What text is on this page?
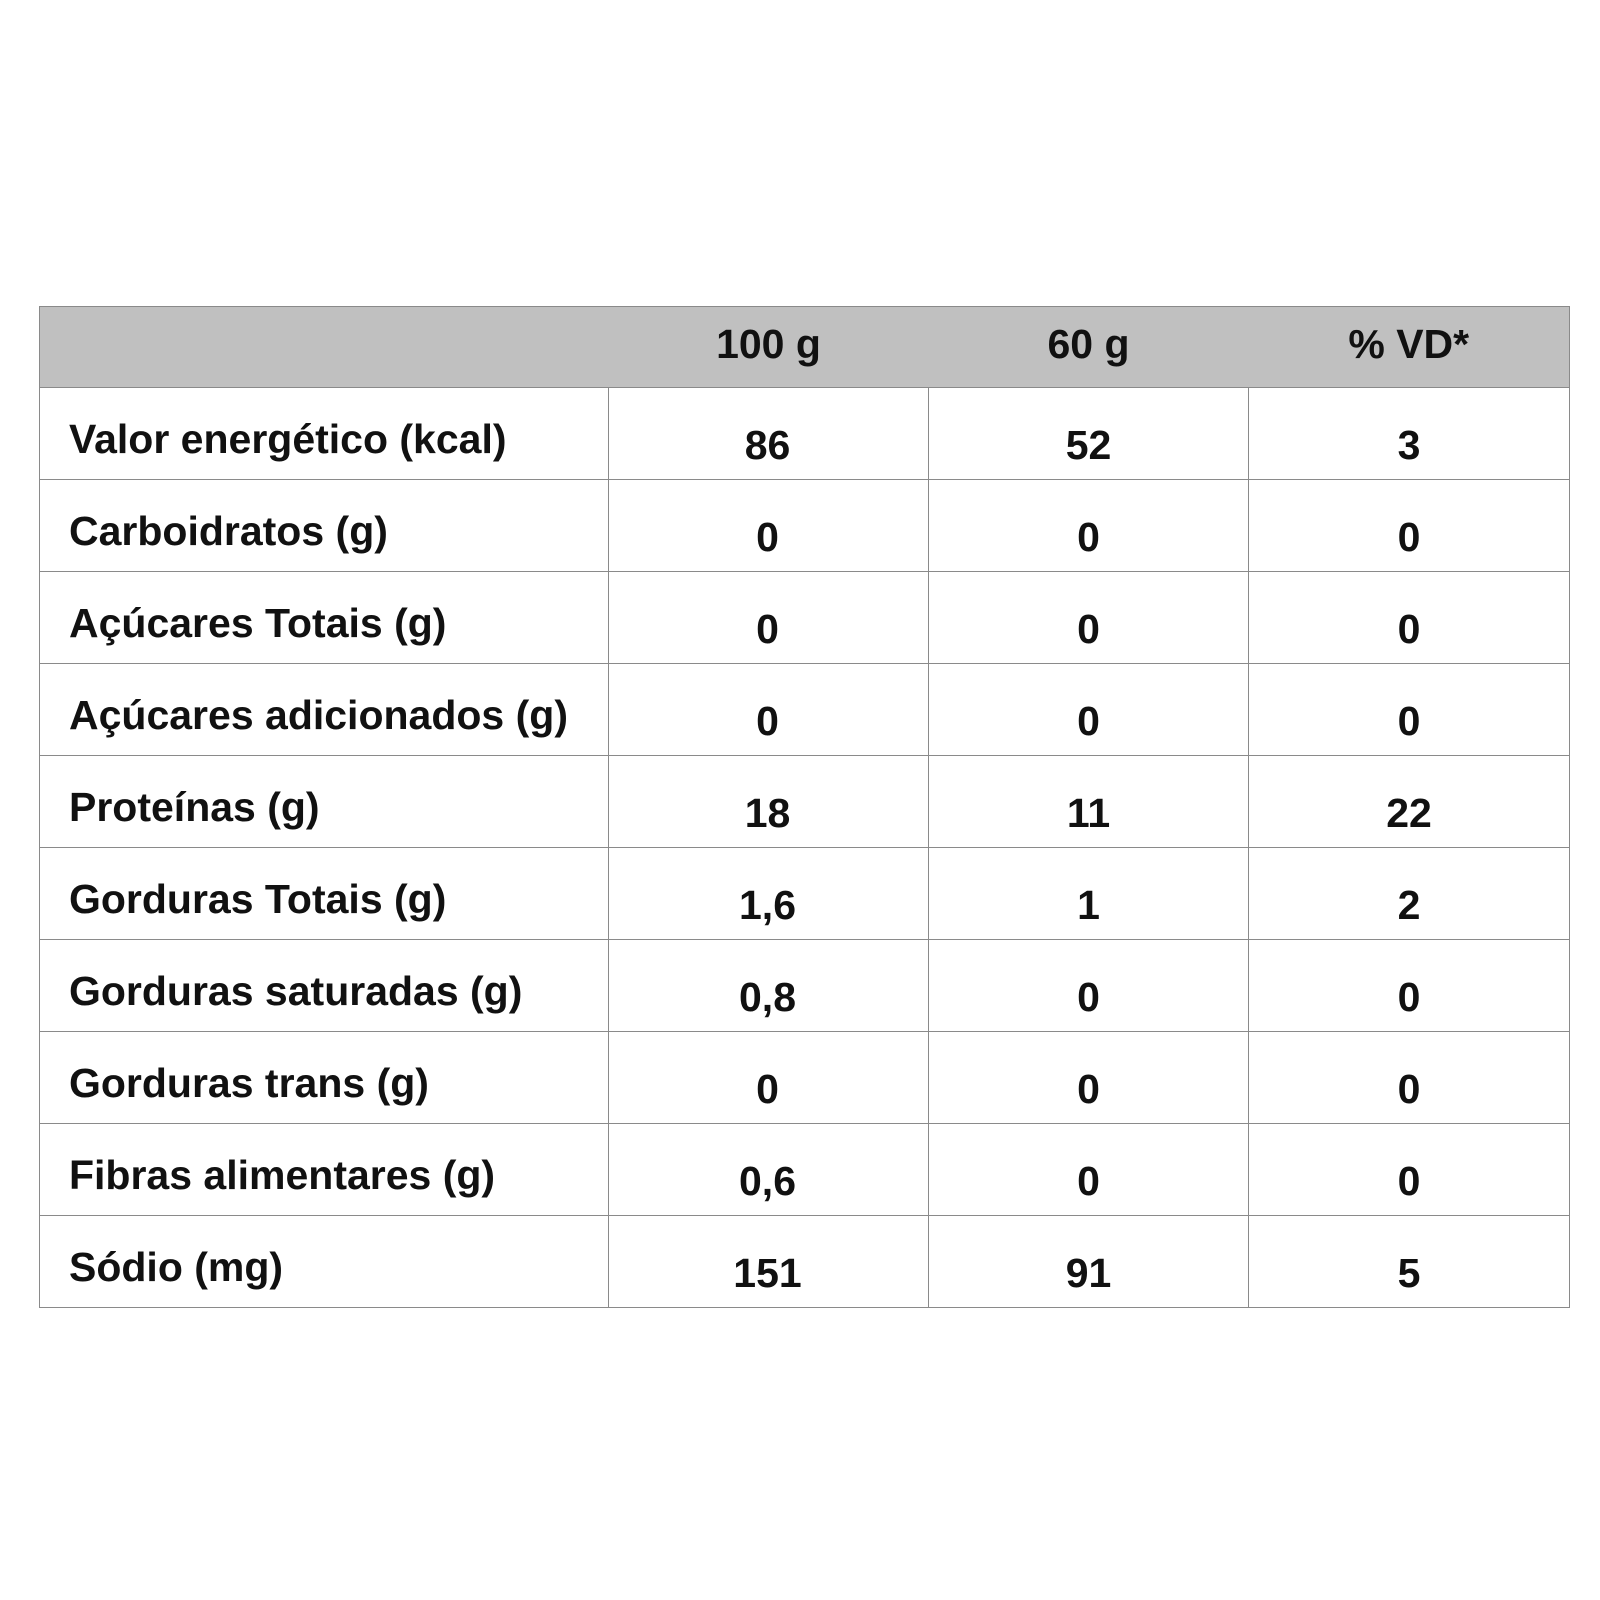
	100 g	60 g	% VD*
Valor energético (kcal)	86	52	3
Carboidratos (g)	0	0	0
Açúcares Totais (g)	0	0	0
Açúcares adicionados (g)	0	0	0
Proteínas (g)	18	11	22
Gorduras Totais (g)	1,6	1	2
Gorduras saturadas (g)	0,8	0	0
Gorduras trans (g)	0	0	0
Fibras alimentares (g)	0,6	0	0
Sódio (mg)	151	91	5
